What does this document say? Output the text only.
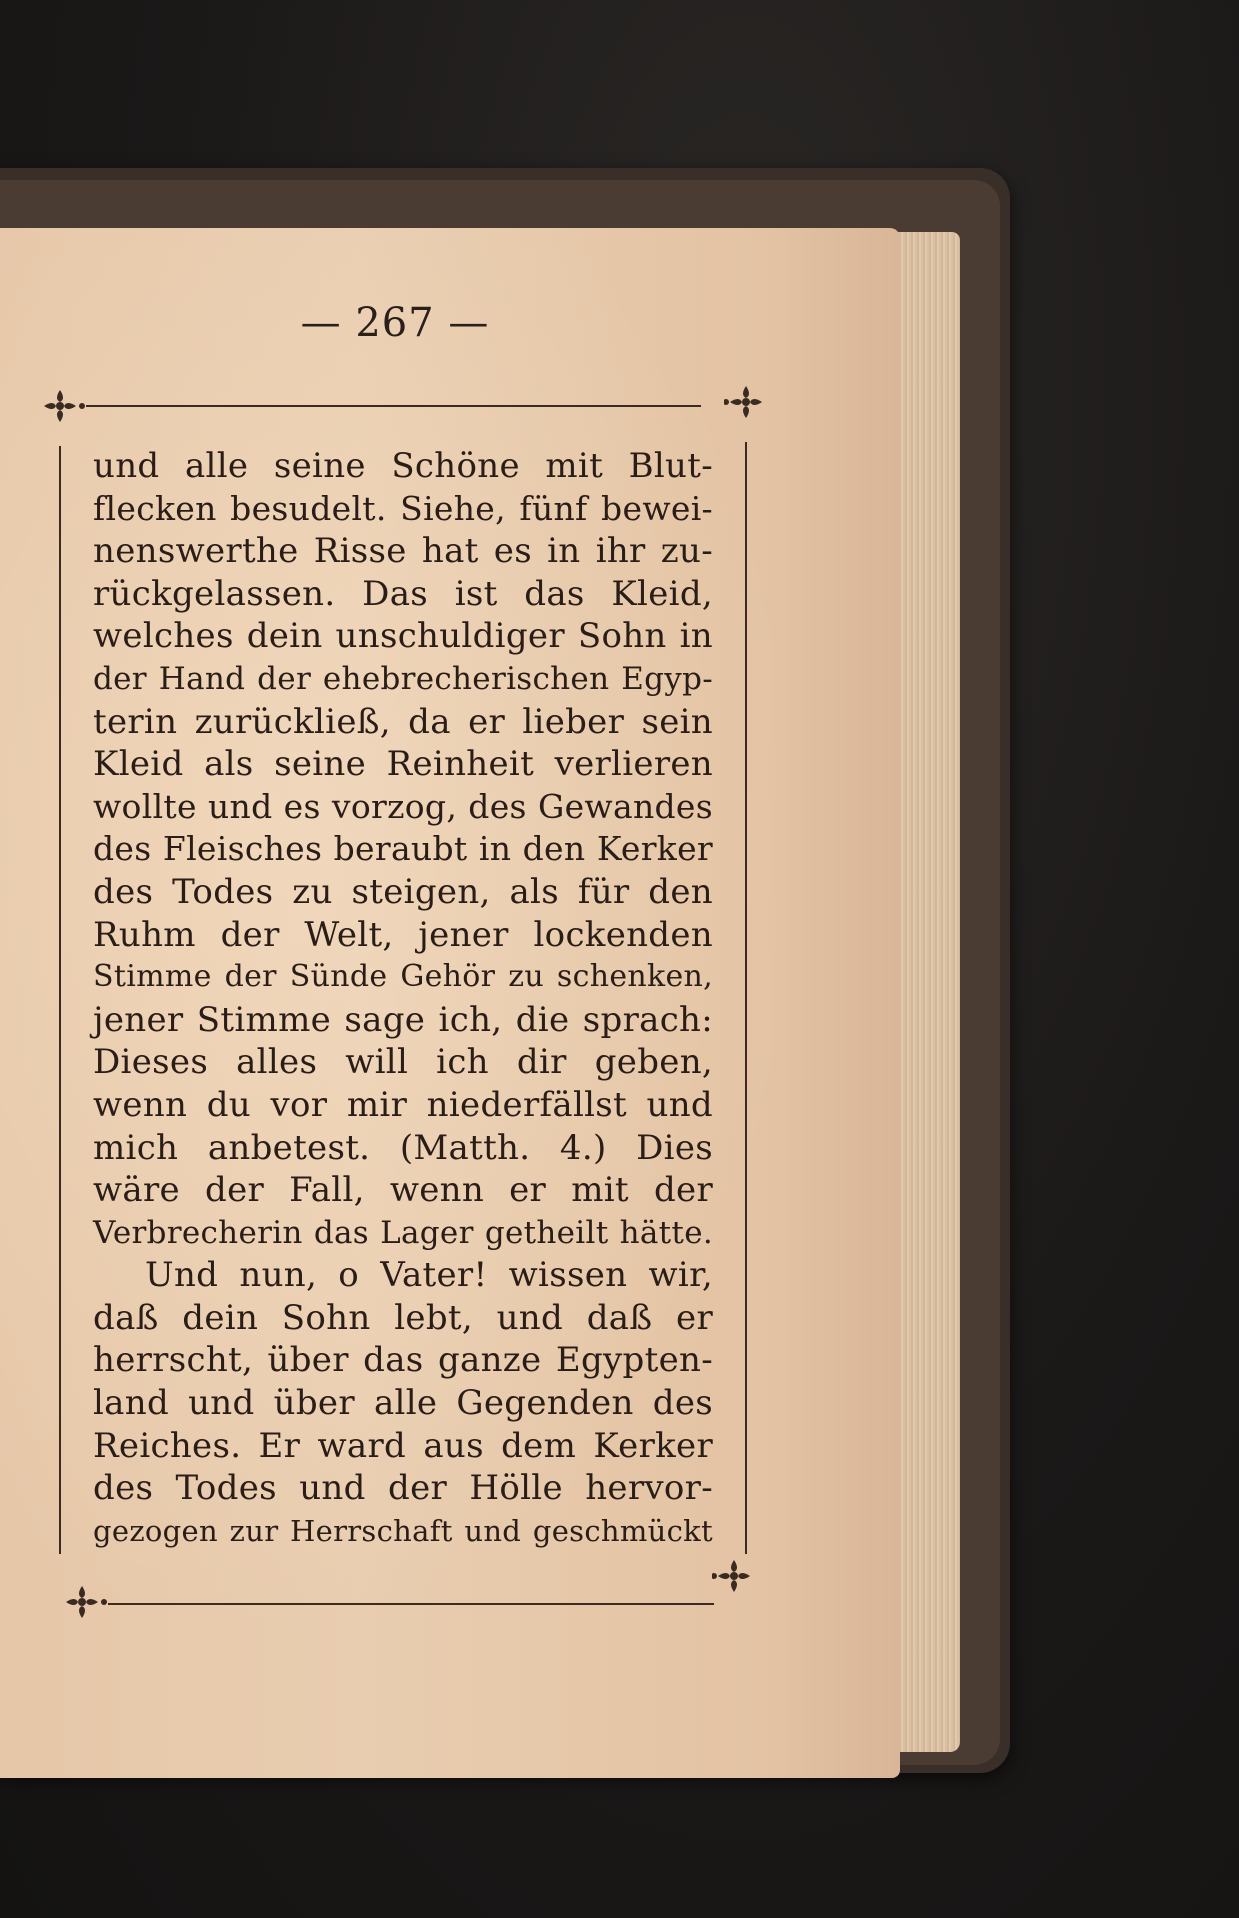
— 267 —
und alle seine Schöne mit Blut-
flecken besudelt. Siehe, fünf bewei-
nenswerthe Risse hat es in ihr zu-
rückgelassen. Das ist das Kleid,
welches dein unschuldiger Sohn in
der Hand der ehebrecherischen Egyp-
terin zurückließ, da er lieber sein
Kleid als seine Reinheit verlieren
wollte und es vorzog, des Gewandes
des Fleisches beraubt in den Kerker
des Todes zu steigen, als für den
Ruhm der Welt, jener lockenden
Stimme der Sünde Gehör zu schenken,
jener Stimme sage ich, die sprach:
Dieses alles will ich dir geben,
wenn du vor mir niederfällst und
mich anbetest. (Matth. 4.) Dies
wäre der Fall, wenn er mit der
Verbrecherin das Lager getheilt hätte.
Und nun, o Vater! wissen wir,
daß dein Sohn lebt, und daß er
herrscht, über das ganze Egypten-
land und über alle Gegenden des
Reiches. Er ward aus dem Kerker
des Todes und der Hölle hervor-
gezogen zur Herrschaft und geschmückt
